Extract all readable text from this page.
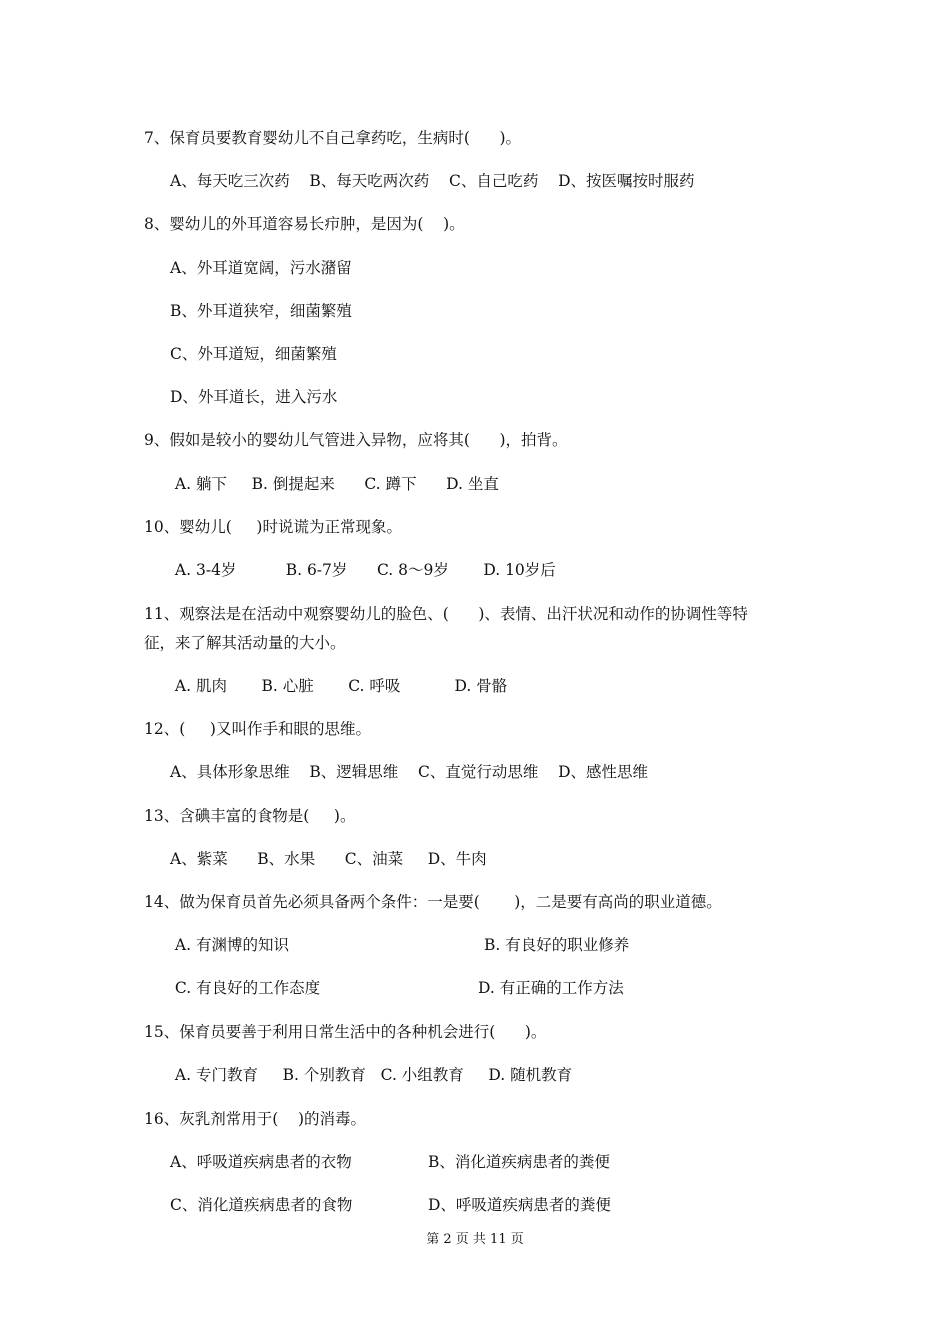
7、保育员要教育婴幼儿不自己拿药吃，生病时(      )。
A、每天吃三次药    B、每天吃两次药    C、自己吃药    D、按医嘱按时服药
8、婴幼儿的外耳道容易长疖肿，是因为(    )。
A、外耳道宽阔，污水潴留
B、外耳道狭窄，细菌繁殖
C、外耳道短，细菌繁殖
D、外耳道长，进入污水
9、假如是较小的婴幼儿气管进入异物，应将其(      )，拍背。
A. 躺下     B. 倒提起来      C. 蹲下      D. 坐直
10、婴幼儿(     )时说谎为正常现象。
A. 3-4岁          B. 6-7岁      C. 8～9岁       D. 10岁后
11、观察法是在活动中观察婴幼儿的脸色、(      )、表情、出汗状况和动作的协调性等特
征，来了解其活动量的大小。
A. 肌肉       B. 心脏       C. 呼吸           D. 骨骼
12、(     )又叫作手和眼的思维。
A、具体形象思维    B、逻辑思维    C、直觉行动思维    D、感性思维
13、含碘丰富的食物是(     )。
A、紫菜      B、水果      C、油菜     D、牛肉
14、做为保育员首先必须具备两个条件：一是要(       )，二是要有高尚的职业道德。
A. 有渊博的知识	B. 有良好的职业修养
C. 有良好的工作态度	D. 有正确的工作方法
15、保育员要善于利用日常生活中的各种机会进行(      )。
A. 专门教育     B. 个别教育   C. 小组教育     D. 随机教育
16、灰乳剂常用于(    )的消毒。
A、呼吸道疾病患者的衣物	B、消化道疾病患者的粪便
C、消化道疾病患者的食物	D、呼吸道疾病患者的粪便
第 2 页 共 11 页
